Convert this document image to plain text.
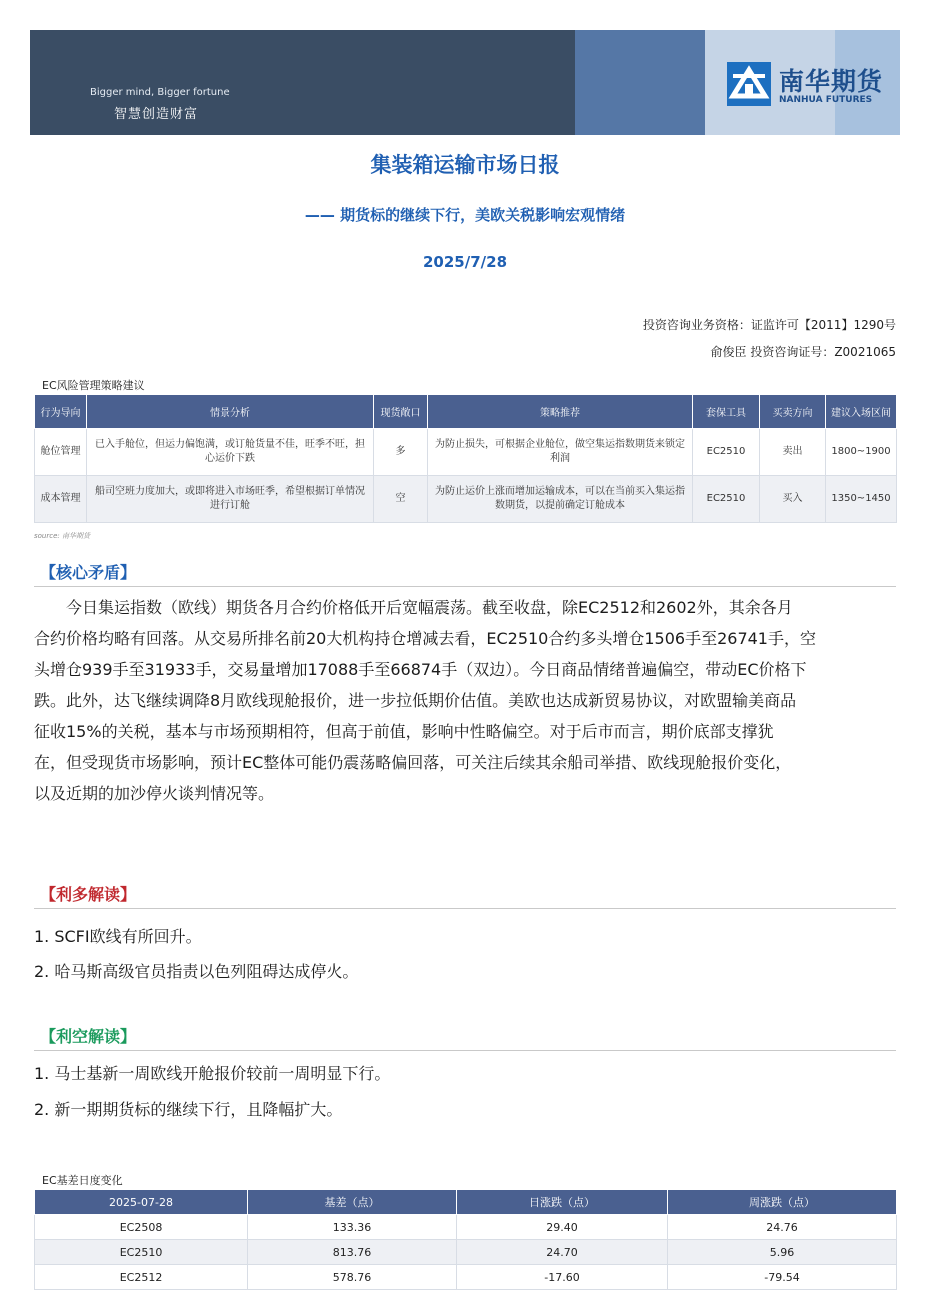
Bigger mind, Bigger fortune
智慧创造财富
南华期货
NANHUA FUTURES
集装箱运输市场日报
—— 期货标的继续下行，美欧关税影响宏观情绪
2025/7/28
投资咨询业务资格：证监许可【2011】1290号
俞俊臣 投资咨询证号：Z0021065
EC风险管理策略建议
行为导向	情景分析	现货敞口	策略推荐	套保工具	买卖方向	建议入场区间
舱位管理	已入手舱位，但运力偏饱满，或订舱货量不佳，旺季不旺，担心运价下跌	多	为防止损失，可根据企业舱位，做空集运指数期货来锁定利润	EC2510	卖出	1800~1900
成本管理	船司空班力度加大，或即将进入市场旺季，希望根据订单情况进行订舱	空	为防止运价上涨而增加运输成本，可以在当前买入集运指数期货，以提前确定订舱成本	EC2510	买入	1350~1450
source: 南华期货
【核心矛盾】
　　今日集运指数（欧线）期货各月合约价格低开后宽幅震荡。截至收盘，除EC2512和2602外，其余各月
合约价格均略有回落。从交易所排名前20大机构持仓增减去看，EC2510合约多头增仓1506手至26741手，空
头增仓939手至31933手，交易量增加17088手至66874手（双边）。今日商品情绪普遍偏空，带动EC价格下
跌。此外，达飞继续调降8月欧线现舱报价，进一步拉低期价估值。美欧也达成新贸易协议，对欧盟输美商品
征收15%的关税，基本与市场预期相符，但高于前值，影响中性略偏空。对于后市而言，期价底部支撑犹
在，但受现货市场影响，预计EC整体可能仍震荡略偏回落，可关注后续其余船司举措、欧线现舱报价变化，
以及近期的加沙停火谈判情况等。
【利多解读】
1. SCFI欧线有所回升。
2. 哈马斯高级官员指责以色列阻碍达成停火。
【利空解读】
1. 马士基新一周欧线开舱报价较前一周明显下行。
2. 新一期期货标的继续下行，且降幅扩大。
EC基差日度变化
2025-07-28	基差（点）	日涨跌（点）	周涨跌（点）
EC2508	133.36	29.40	24.76
EC2510	813.76	24.70	5.96
EC2512	578.76	-17.60	-79.54
